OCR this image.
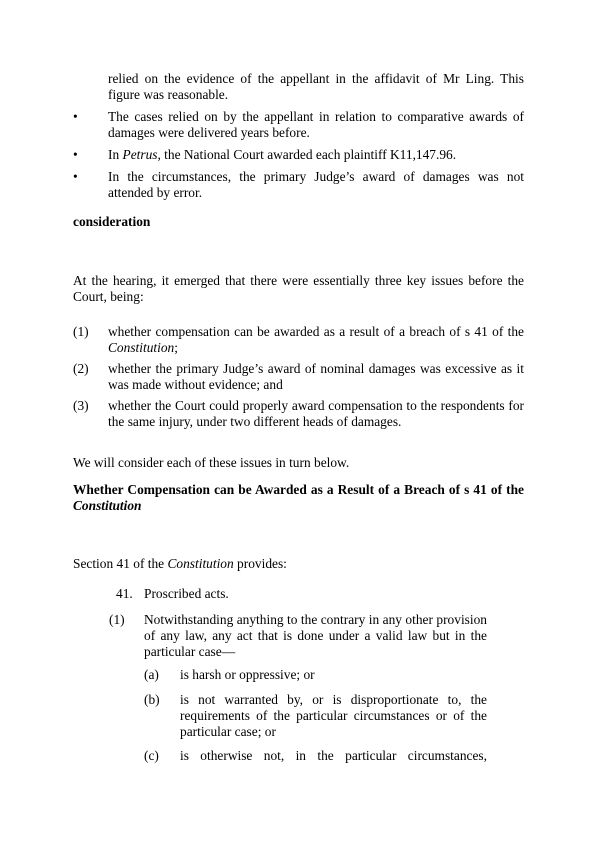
relied on the evidence of the appellant in the affidavit of Mr Ling. This
figure was reasonable.
• The cases relied on by the appellant in relation to comparative awards of damages were delivered years before.
• In Petrus, the National Court awarded each plaintiff K11,147.96.
• In the circumstances, the primary Judge’s award of damages was not attended by error.
consideration
At the hearing, it emerged that there were essentially three key issues before the Court, being:
(1) whether compensation can be awarded as a result of a breach of s 41 of the Constitution;
(2) whether the primary Judge’s award of nominal damages was excessive as it was made without evidence; and
(3) whether the Court could properly award compensation to the respondents for the same injury, under two different heads of damages.
We will consider each of these issues in turn below.
Whether Compensation can be Awarded as a Result of a Breach of s 41 of the Constitution
Section 41 of the Constitution provides:
41. Proscribed acts.
(1) Notwithstanding anything to the contrary in any other provision of any law, any act that is done under a valid law but in the particular case—
(a) is harsh or oppressive; or
(b) is not warranted by, or is disproportionate to, the requirements of the particular circumstances or of the particular case; or
(c) is otherwise not, in the particular circumstances,
